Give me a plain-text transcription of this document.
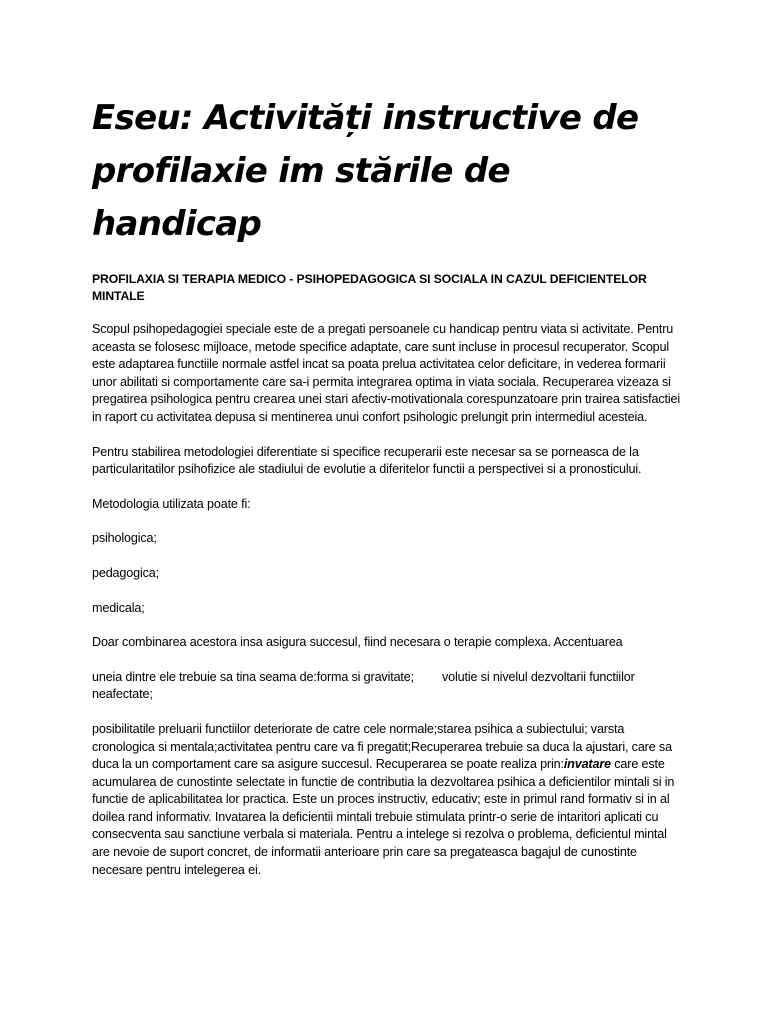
Eseu: Activități instructive de profilaxie im stările de handicap

PROFILAXIA SI TERAPIA MEDICO - PSIHOPEDAGOGICA SI SOCIALA IN CAZUL DEFICIENTELOR MINTALE

Scopul psihopedagogiei speciale este de a pregati persoanele cu handicap pentru viata si activitate. Pentru aceasta se folosesc mijloace, metode specifice adaptate, care sunt incluse in procesul recuperator. Scopul este adaptarea functiile normale astfel incat sa poata prelua activitatea celor deficitare, in vederea formarii unor abilitati si comportamente care sa-i permita integrarea optima in viata sociala. Recuperarea vizeaza si pregatirea psihologica pentru crearea unei stari afectiv-motivationala corespunzatoare prin trairea satisfactiei in raport cu activitatea depusa si mentinerea unui confort psihologic prelungit prin intermediul acesteia.

Pentru stabilirea metodologiei diferentiate si specifice recuperarii este necesar sa se porneasca de la particularitatilor psihofizice ale stadiului de evolutie a diferitelor functii a perspectivei si a pronosticului.

Metodologia utilizata poate fi:

psihologica;

pedagogica;

medicala;

Doar combinarea acestora insa asigura succesul, fiind necesara o terapie complexa. Accentuarea

uneia dintre ele trebuie sa tina seama de:forma si gravitate; volutie si nivelul dezvoltarii functiilor neafectate;

posibilitatile preluarii functiilor deteriorate de catre cele normale;starea psihica a subiectului; varsta cronologica si mentala;activitatea pentru care va fi pregatit;Recuperarea trebuie sa duca la ajustari, care sa duca la un comportament care sa asigure succesul. Recuperarea se poate realiza prin:invatare care este acumularea de cunostinte selectate in functie de contributia la dezvoltarea psihica a deficientilor mintali si in functie de aplicabilitatea lor practica. Este un proces instructiv, educativ; este in primul rand formativ si in al doilea rand informativ. Invatarea la deficientii mintali trebuie stimulata printr-o serie de intaritori aplicati cu consecventa sau sanctiune verbala si materiala. Pentru a intelege si rezolva o problema, deficientul mintal are nevoie de suport concret, de informatii anterioare prin care sa pregateasca bagajul de cunostinte necesare pentru intelegerea ei.
